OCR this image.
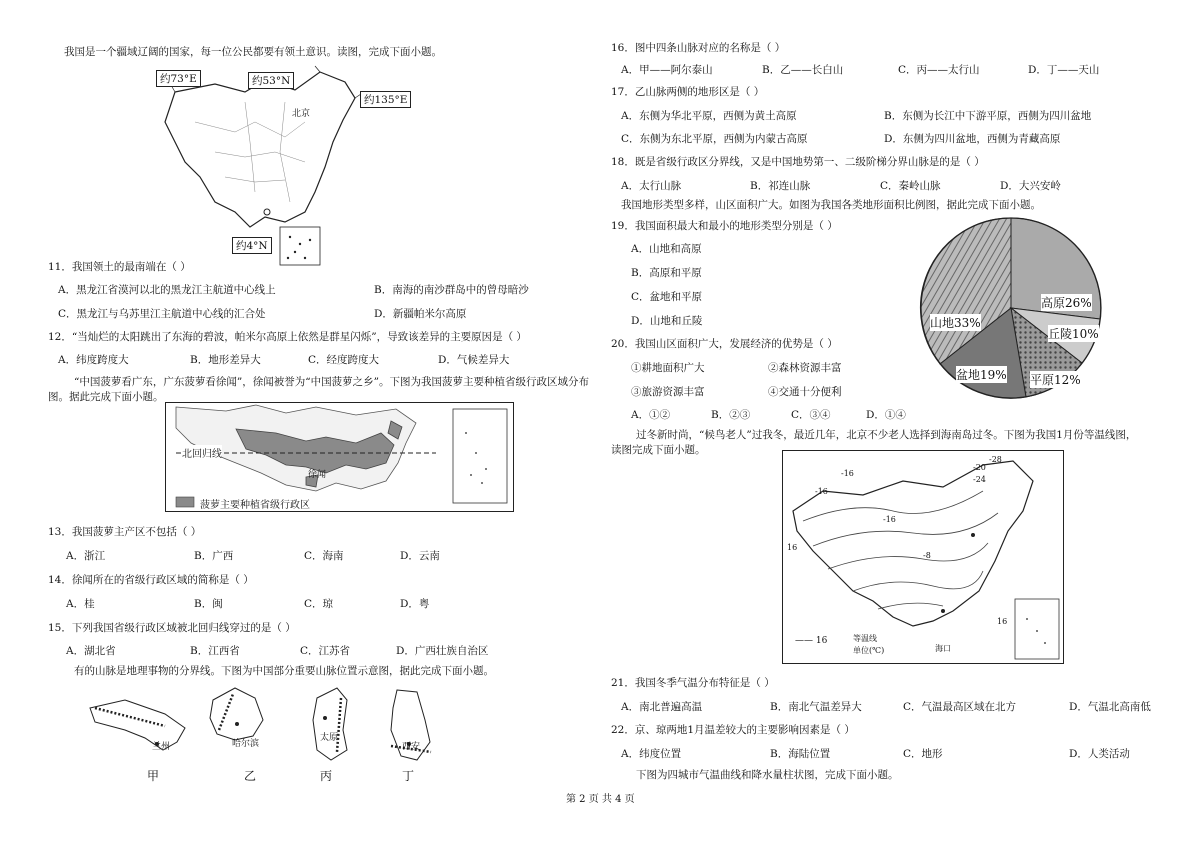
我国是一个疆域辽阔的国家，每一位公民都要有领土意识。读图，完成下面小题。
约73°E	约53°N
约135°E
约4°N
北京
11．我国领土的最南端在（ ）
A．黑龙江省漠河以北的黑龙江主航道中心线上	B．南海的南沙群岛中的曾母暗沙
C．黑龙江与乌苏里江主航道中心线的汇合处	D．新疆帕米尔高原
12．“当灿烂的太阳跳出了东海的碧波，帕米尔高原上依然是群星闪烁”，导致该差异的主要原因是（ ）
A．纬度跨度大	B．地形差异大	C．经度跨度大	D．气候差异大
“中国菠萝看广东，广东菠萝看徐闻”，徐闻被誉为“中国菠萝之乡”。下图为我国菠萝主要种植省级行政区域分布
图。据此完成下面小题。
北回归线
徐闻
菠萝主要种植省级行政区
13．我国菠萝主产区不包括（ ）
A．浙江	B．广西	C．海南	D．云南
14．徐闻所在的省级行政区域的简称是（ ）
A．桂	B．闽	C．琼	D．粤
15．下列我国省级行政区域被北回归线穿过的是（ ）
A．湖北省	B．江西省	C．江苏省	D．广西壮族自治区
有的山脉是地理事物的分界线。下图为中国部分重要山脉位置示意图，据此完成下面小题。
兰州	哈尔滨
太原
西安
甲	乙	丙	丁
16．图中四条山脉对应的名称是（ ）
A．甲——阿尔泰山	B．乙——长白山	C．丙——太行山	D．丁——天山
17．乙山脉两侧的地形区是（ ）
A．东侧为华北平原，西侧为黄土高原	B．东侧为长江中下游平原，西侧为四川盆地
C．东侧为东北平原，西侧为内蒙古高原	D．东侧为四川盆地，西侧为青藏高原
18．既是省级行政区分界线，又是中国地势第一、二级阶梯分界山脉是的是（ ）
A．太行山脉	B．祁连山脉	C．秦岭山脉	D．大兴安岭
我国地形类型多样，山区面积广大。如图为我国各类地形面积比例图，据此完成下面小题。
19．我国面积最大和最小的地形类型分别是（ ）
A．山地和高原
B．高原和平原
C．盆地和平原
D．山地和丘陵	山地33%
高原26%
丘陵10%
盆地19% 平原12%
20．我国山区面积广大，发展经济的优势是（ ）
①耕地面积广大	②森林资源丰富
③旅游资源丰富	④交通十分便利
A．①②	B．②③	C．③④	D．①④
过冬新时尚，“候鸟老人”过我冬，最近几年，北京不少老人选择到海南岛过冬。下图为我国1月份等温线图，
读图完成下面小题。
-16
-20
-24
-28
-16
16
-8
-16
16
—— 16	等温线
单位(℃)	海口
21．我国冬季气温分布特征是（ ）
A．南北普遍高温	B．南北气温差异大	C．气温最高区域在北方	D．气温北高南低
22．京、琼两地1月温差较大的主要影响因素是（ ）
A．纬度位置	B．海陆位置	C．地形	D．人类活动
下图为四城市气温曲线和降水量柱状图，完成下面小题。
第 2 页 共 4 页
